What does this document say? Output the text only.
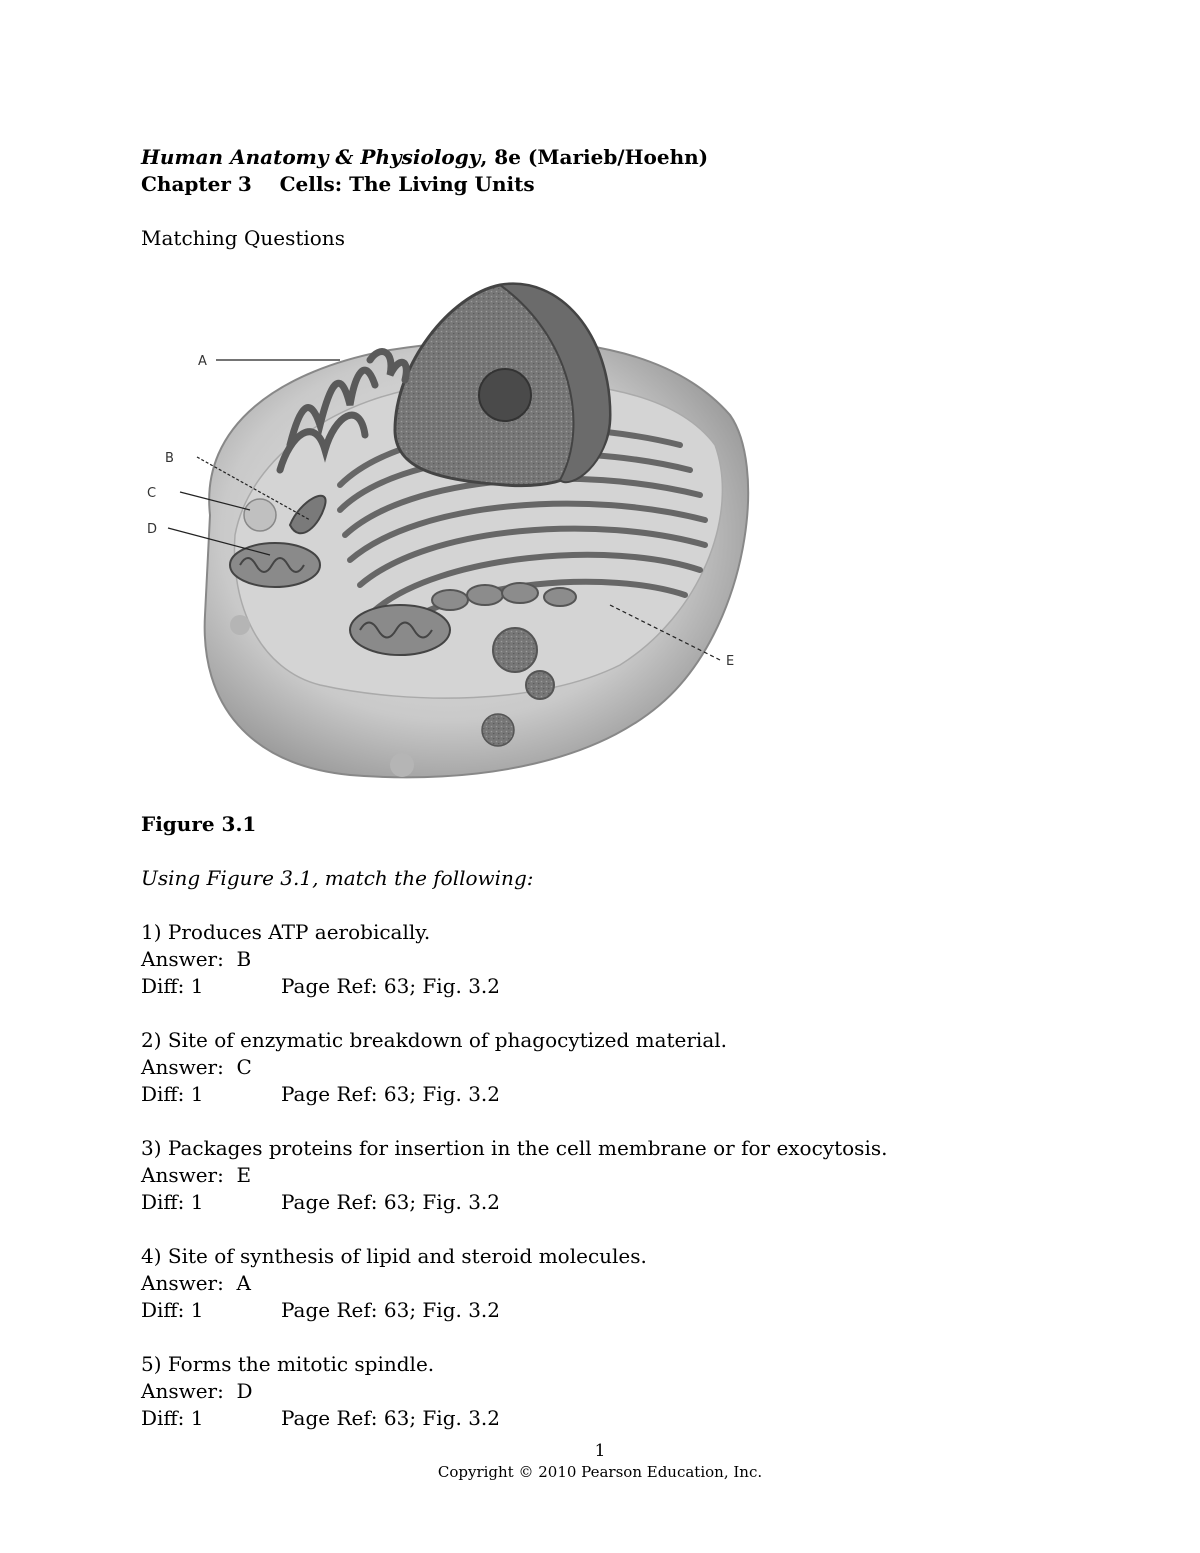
Human Anatomy & Physiology, 8e (Marieb/Hoehn)
Chapter 3    Cells: The Living Units
Matching Questions
A
B
C
D
E
Figure 3.1
Using Figure 3.1, match the following:
1) Produces ATP aerobically.
Answer:  B
Diff: 1	Page Ref: 63; Fig. 3.2
2) Site of enzymatic breakdown of phagocytized material.
Answer:  C
Diff: 1	Page Ref: 63; Fig. 3.2
3) Packages proteins for insertion in the cell membrane or for exocytosis.
Answer:  E
Diff: 1	Page Ref: 63; Fig. 3.2
4) Site of synthesis of lipid and steroid molecules.
Answer:  A
Diff: 1	Page Ref: 63; Fig. 3.2
5) Forms the mitotic spindle.
Answer:  D
Diff: 1	Page Ref: 63; Fig. 3.2
1
Copyright © 2010 Pearson Education, Inc.
